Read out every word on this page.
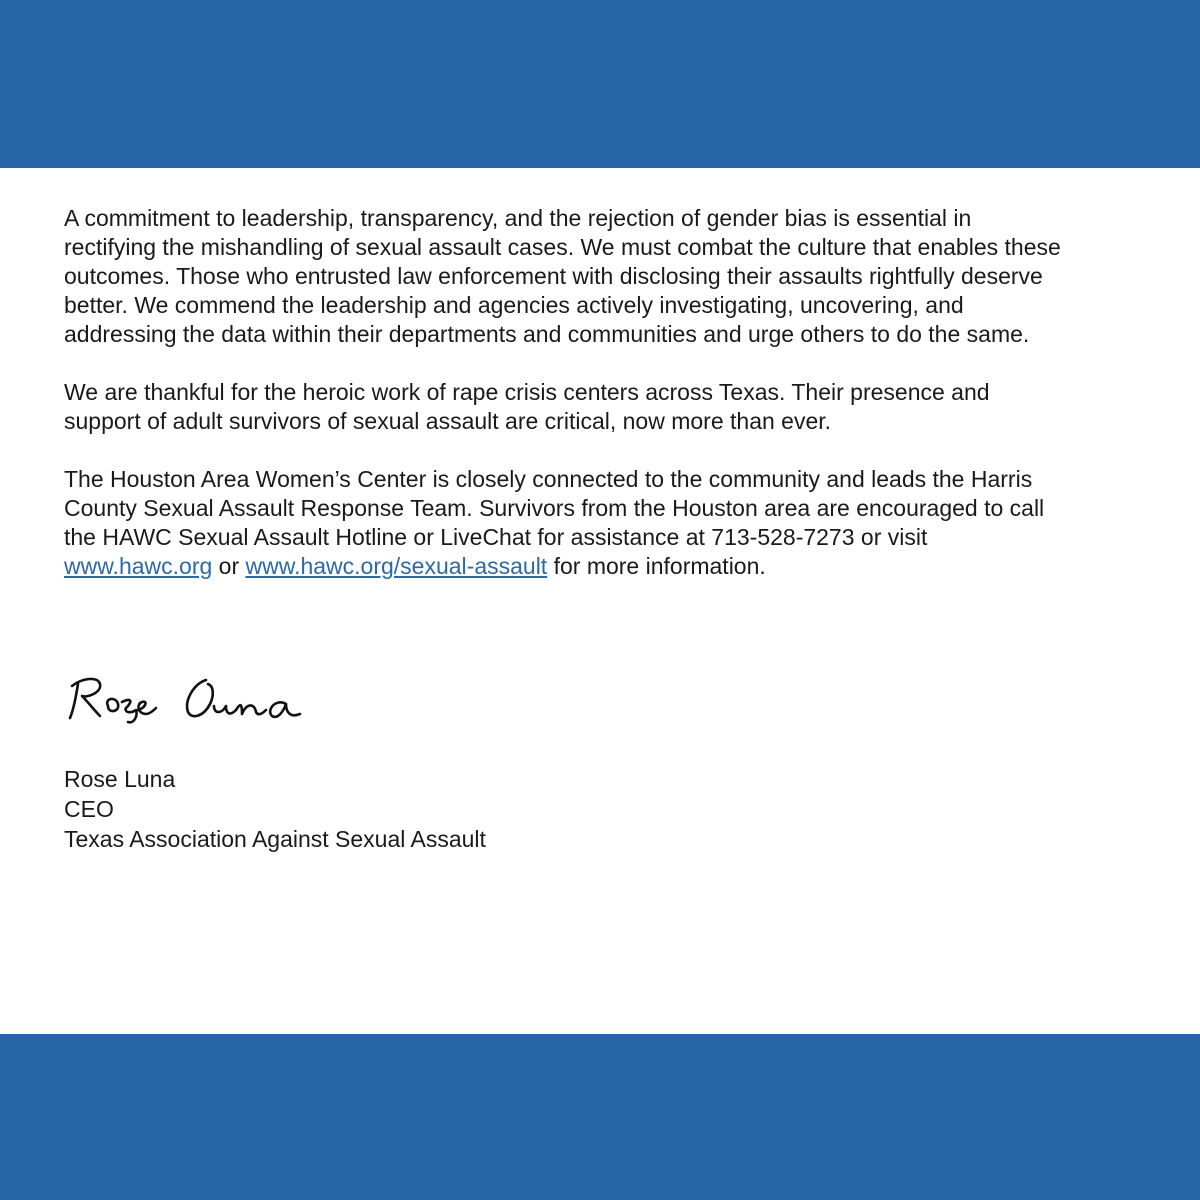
A commitment to leadership, transparency, and the rejection of gender bias is essential in
rectifying the mishandling of sexual assault cases. We must combat the culture that enables these
outcomes. Those who entrusted law enforcement with disclosing their assaults rightfully deserve
better. We commend the leadership and agencies actively investigating, uncovering, and
addressing the data within their departments and communities and urge others to do the same.

We are thankful for the heroic work of rape crisis centers across Texas. Their presence and
support of adult survivors of sexual assault are critical, now more than ever.

The Houston Area Women’s Center is closely connected to the community and leads the Harris
County Sexual Assault Response Team. Survivors from the Houston area are encouraged to call
the HAWC Sexual Assault Hotline or LiveChat for assistance at 713-528-7273 or visit
www.hawc.org or www.hawc.org/sexual-assault for more information.

Rose Luna
CEO
Texas Association Against Sexual Assault
